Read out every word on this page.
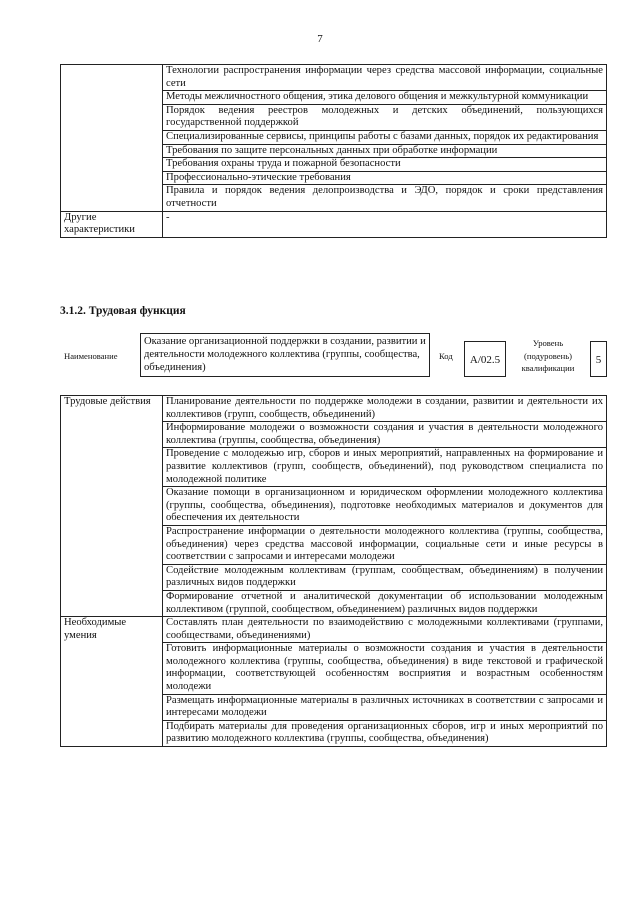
7
	Технологии распространения информации через средства массовой информации, социальные сети
	Методы межличностного общения, этика делового общения и межкультурной коммуникации
	Порядок ведения реестров молодежных и детских объединений, пользующихся государственной поддержкой
	Специализированные сервисы, принципы работы с базами данных, порядок их редактирования
	Требования по защите персональных данных при обработке информации
	Требования охраны труда и пожарной безопасности
	Профессионально-этические требования
	Правила и порядок ведения делопроизводства и ЭДО, порядок и сроки представления отчетности
Другие характеристики	-
3.1.2. Трудовая функция
Наименование
Оказание организационной поддержки в создании, развитии и деятельности молодежного коллектива (группы, сообщества, объединения)
Код	A/02.5
Уровень (подуровень) квалификации
5
Трудовые действия	Планирование деятельности по поддержке молодежи в создании, развитии и деятельности их коллективов (групп, сообществ, объединений)
	Информирование молодежи о возможности создания и участия в деятельности молодежного коллектива (группы, сообщества, объединения)
	Проведение с молодежью игр, сборов и иных мероприятий, направленных на формирование и развитие коллективов (групп, сообществ, объединений), под руководством специалиста по молодежной политике
	Оказание помощи в организационном и юридическом оформлении молодежного коллектива (группы, сообщества, объединения), подготовке необходимых материалов и документов для обеспечения их деятельности
	Распространение информации о деятельности молодежного коллектива (группы, сообщества, объединения) через средства массовой информации, социальные сети и иные ресурсы в соответствии с запросами и интересами молодежи
	Содействие молодежным коллективам (группам, сообществам, объединениям) в получении различных видов поддержки
	Формирование отчетной и аналитической документации об использовании молодежным коллективом (группой, сообществом, объединением) различных видов поддержки
Необходимые умения	Составлять план деятельности по взаимодействию с молодежными коллективами (группами, сообществами, объединениями)
	Готовить информационные материалы о возможности создания и участия в деятельности молодежного коллектива (группы, сообщества, объединения) в виде текстовой и графической информации, соответствующей особенностям восприятия и возрастным особенностям молодежи
	Размещать информационные материалы в различных источниках в соответствии с запросами и интересами молодежи
	Подбирать материалы для проведения организационных сборов, игр и иных мероприятий по развитию молодежного коллектива (группы, сообщества, объединения)
